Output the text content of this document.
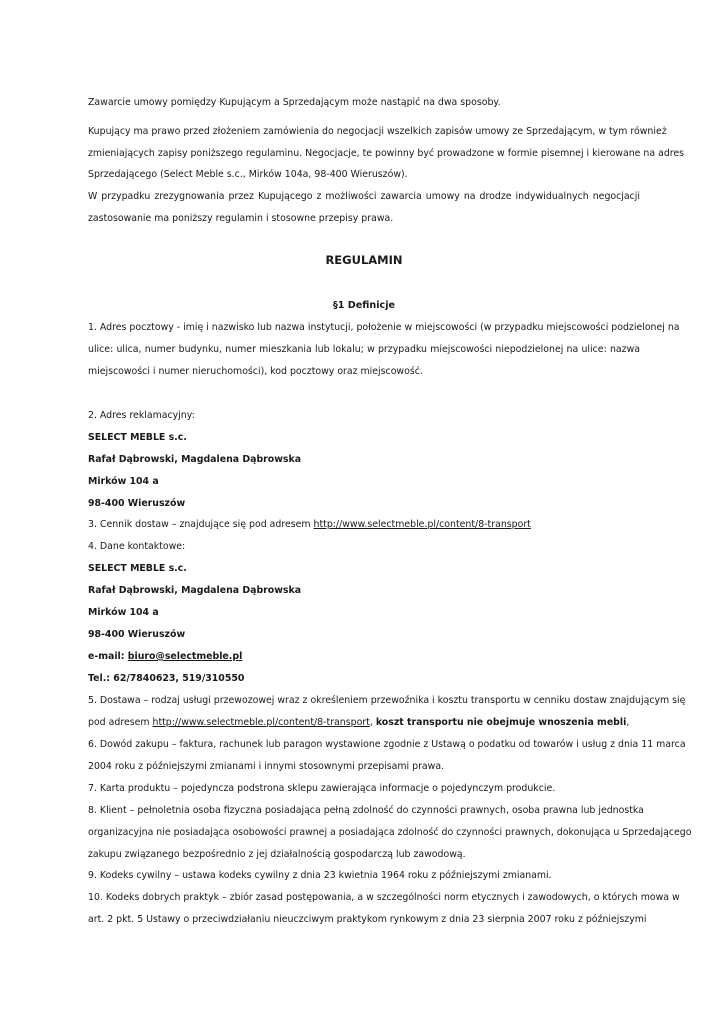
Zawarcie umowy pomiędzy Kupującym a Sprzedającym może nastąpić na dwa sposoby.
Kupujący ma prawo przed złożeniem zamówienia do negocjacji wszelkich zapisów umowy ze Sprzedającym, w tym również
zmieniających zapisy poniższego regulaminu. Negocjacje, te powinny być prowadzone w formie pisemnej i kierowane na adres
Sprzedającego (Select Meble s.c., Mirków 104a, 98-400 Wieruszów).
W przypadku zrezygnowania przez Kupującego z możliwości zawarcia umowy na drodze indywidualnych negocjacji
zastosowanie ma poniższy regulamin i stosowne przepisy prawa.
REGULAMIN
§1 Definicje
1. Adres pocztowy - imię i nazwisko lub nazwa instytucji, położenie w miejscowości (w przypadku miejscowości podzielonej na
ulice: ulica, numer budynku, numer mieszkania lub lokalu; w przypadku miejscowości niepodzielonej na ulice: nazwa
miejscowości i numer nieruchomości), kod pocztowy oraz miejscowość.
2. Adres reklamacyjny:
SELECT MEBLE s.c.
Rafał Dąbrowski, Magdalena Dąbrowska
Mirków 104 a
98-400 Wieruszów
3. Cennik dostaw – znajdujące się pod adresem http://www.selectmeble.pl/content/8-transport
4. Dane kontaktowe:
SELECT MEBLE s.c.
Rafał Dąbrowski, Magdalena Dąbrowska
Mirków 104 a
98-400 Wieruszów
e-mail: biuro@selectmeble.pl
Tel.: 62/7840623, 519/310550
5. Dostawa – rodzaj usługi przewozowej wraz z określeniem przewoźnika i kosztu transportu w cenniku dostaw znajdującym się
pod adresem http://www.selectmeble.pl/content/8-transport, koszt transportu nie obejmuje wnoszenia mebli,
6. Dowód zakupu – faktura, rachunek lub paragon wystawione zgodnie z Ustawą o podatku od towarów i usług z dnia 11 marca
2004 roku z późniejszymi zmianami i innymi stosownymi przepisami prawa.
7. Karta produktu – pojedyncza podstrona sklepu zawierająca informacje o pojedynczym produkcie.
8. Klient – pełnoletnia osoba fizyczna posiadająca pełną zdolność do czynności prawnych, osoba prawna lub jednostka
organizacyjna nie posiadająca osobowości prawnej a posiadająca zdolność do czynności prawnych, dokonująca u Sprzedającego
zakupu związanego bezpośrednio z jej działalnością gospodarczą lub zawodową.
9. Kodeks cywilny – ustawa kodeks cywilny z dnia 23 kwietnia 1964 roku z późniejszymi zmianami.
10. Kodeks dobrych praktyk – zbiór zasad postępowania, a w szczególności norm etycznych i zawodowych, o których mowa w
art. 2 pkt. 5 Ustawy o przeciwdziałaniu nieuczciwym praktykom rynkowym z dnia 23 sierpnia 2007 roku z późniejszymi
